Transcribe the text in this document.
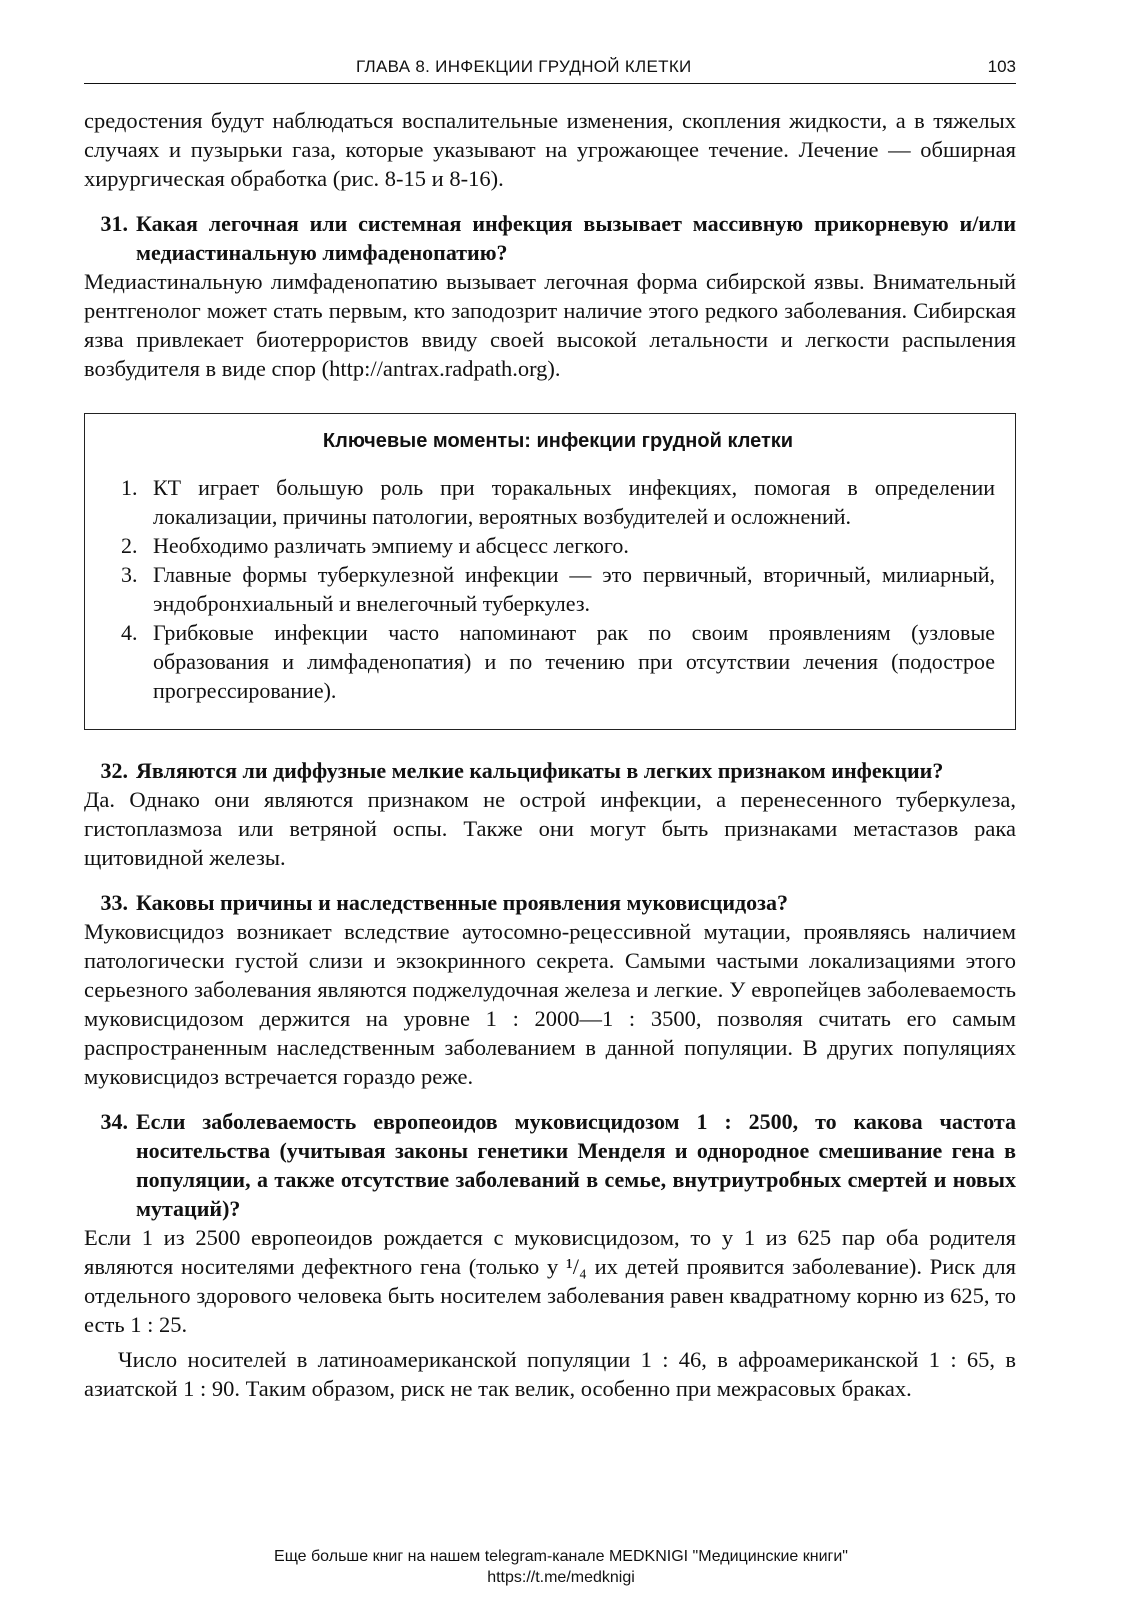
ГЛАВА 8. ИНФЕКЦИИ ГРУДНОЙ КЛЕТКИ	103

средостения будут наблюдаться воспалительные изменения, скопления жидкости, а в тяжелых случаях и пузырьки газа, которые указывают на угрожающее течение. Лечение — обширная хирургическая обработка (рис. 8-15 и 8-16).

31. Какая легочная или системная инфекция вызывает массивную прикорневую и/или медиастинальную лимфаденопатию?

Медиастинальную лимфаденопатию вызывает легочная форма сибирской язвы. Внимательный рентгенолог может стать первым, кто заподозрит наличие этого редкого заболевания. Сибирская язва привлекает биотеррористов ввиду своей высокой летальности и легкости распыления возбудителя в виде спор (http://antrax.radpath.org).

Ключевые моменты: инфекции грудной клетки
1. КТ играет большую роль при торакальных инфекциях, помогая в определении локализации, причины патологии, вероятных возбудителей и осложнений.
2. Необходимо различать эмпиему и абсцесс легкого.
3. Главные формы туберкулезной инфекции — это первичный, вторичный, милиарный, эндобронхиальный и внелегочный туберкулез.
4. Грибковые инфекции часто напоминают рак по своим проявлениям (узловые образования и лимфаденопатия) и по течению при отсутствии лечения (подострое прогрессирование).
32. Являются ли диффузные мелкие кальцификаты в легких признаком инфекции?

Да. Однако они являются признаком не острой инфекции, а перенесенного туберкулеза, гистоплазмоза или ветряной оспы. Также они могут быть признаками метастазов рака щитовидной железы.

33. Каковы причины и наследственные проявления муковисцидоза?

Муковисцидоз возникает вследствие аутосомно-рецессивной мутации, проявляясь наличием патологически густой слизи и экзокринного секрета. Самыми частыми локализациями этого серьезного заболевания являются поджелудочная железа и легкие. У европейцев заболеваемость муковисцидозом держится на уровне 1 : 2000—1 : 3500, позволяя считать его самым распространенным наследственным заболеванием в данной популяции. В других популяциях муковисцидоз встречается гораздо реже.

34. Если заболеваемость европеоидов муковисцидозом 1 : 2500, то какова частота носительства (учитывая законы генетики Менделя и однородное смешивание гена в популяции, а также отсутствие заболеваний в семье, внутриутробных смертей и новых мутаций)?

Если 1 из 2500 европеоидов рождается с муковисцидозом, то у 1 из 625 пар оба родителя являются носителями дефектного гена (только у ¹/₄ их детей проявится заболевание). Риск для отдельного здорового человека быть носителем заболевания равен квадратному корню из 625, то есть 1 : 25.

Число носителей в латиноамериканской популяции 1 : 46, в афроамериканской 1 : 65, в азиатской 1 : 90. Таким образом, риск не так велик, особенно при межрасовых браках.

Еще больше книг на нашем telegram-канале MEDKNIGI "Медицинские книги"
https://t.me/medknigi
